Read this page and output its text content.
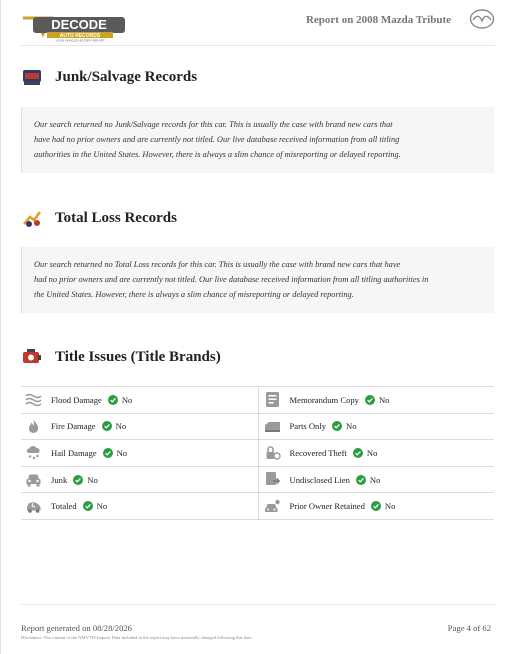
DECODE
AUTO RECORDS
YOUR VEHICLE HISTORY REPORT
Report on 2008 Mazda Tribute
Junk/Salvage Records
Our search returned no Junk/Salvage records for this car. This is usually the case with brand new cars that
have had no prior owners and are currently not titled. Our live database received information from all titling
authorities in the United States. However, there is always a slim chance of misreporting or delayed reporting.
Total Loss Records
Our search returned no Total Loss records for this car. This is usually the case with brand new cars that have
had no prior owners and are currently not titled. Our live database received information from all titling authorities in
the United States. However, there is always a slim chance of misreporting or delayed reporting.
Title Issues (Title Brands)
Flood Damage No	Memorandum Copy No
Fire Damage No	Parts Only No
Hail Damage No	Recovered Theft No
Junk No	Undisclosed Lien No
Totaled No	Prior Owner Retained No
Report generated on 08/28/2026	Page 4 of 62
Disclaimer: The content of the NMVTIS Inquiry Data included in the report may have materially changed following this date.
